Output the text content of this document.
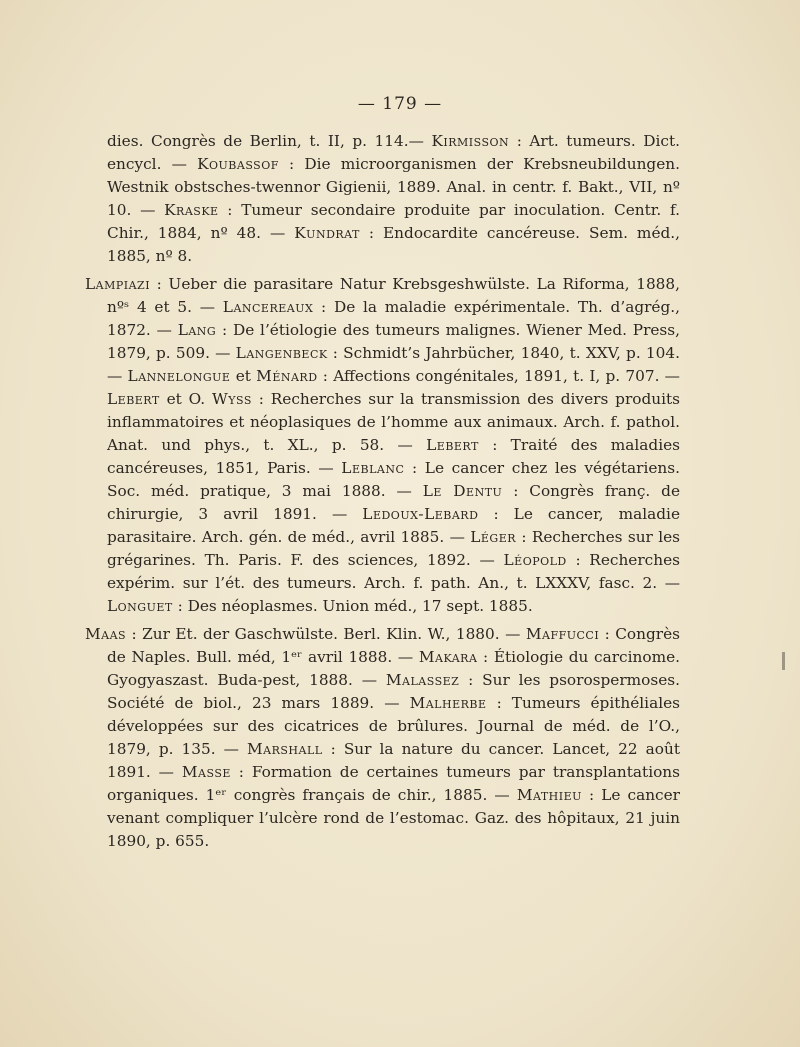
— 179 —

dies. Congrès de Berlin, t. II, p. 114.— Kirmisson : Art. tumeurs. Dict. encycl. — Koubassof : Die microorganismen der Krebsneubildungen. Westnik obstsches-twennor Gigienii, 1889. Anal. in centr. f. Bakt., VII, nº 10. — Kraske : Tumeur secondaire produite par inoculation. Centr. f. Chir., 1884, nº 48. — Kundrat : Endocardite cancéreuse. Sem. méd., 1885, nº 8.

Lampiazi : Ueber die parasitare Natur Krebsgeshwülste. La Riforma, 1888, nºˢ 4 et 5. — Lancereaux : De la maladie expérimentale. Th. d’agrég., 1872. — Lang : De l’étiologie des tumeurs malignes. Wiener Med. Press, 1879, p. 509. — Langenbeck : Schmidt’s Jahrbücher, 1840, t. XXV, p. 104. — Lannelongue et Ménard : Affections congénitales, 1891, t. I, p. 707. — Lebert et O. Wyss : Recherches sur la transmission des divers produits inflammatoires et néoplasiques de l’homme aux animaux. Arch. f. pathol. Anat. und phys., t. XL., p. 58. — Lebert : Traité des maladies cancéreuses, 1851, Paris. — Leblanc : Le cancer chez les végétariens. Soc. méd. pratique, 3 mai 1888. — Le Dentu : Congrès franç. de chirurgie, 3 avril 1891. — Ledoux-Lebard : Le cancer, maladie parasitaire. Arch. gén. de méd., avril 1885. — Léger : Recherches sur les grégarines. Th. Paris. F. des sciences, 1892. — Léopold : Recherches expérim. sur l’ét. des tumeurs. Arch. f. path. An., t. LXXXV, fasc. 2. — Longuet : Des néoplasmes. Union méd., 17 sept. 1885.

Maas : Zur Et. der Gaschwülste. Berl. Klin. W., 1880. — Maffucci : Congrès de Naples. Bull. méd, 1ᵉʳ avril 1888. — Makara : Étiologie du carcinome. Gyogyaszast. Buda-pest, 1888. — Malassez : Sur les psorospermoses. Société de biol., 23 mars 1889. — Malherbe : Tumeurs épithéliales développées sur des cicatrices de brûlures. Journal de méd. de l’O., 1879, p. 135. — Marshall : Sur la nature du cancer. Lancet, 22 août 1891. — Masse : Formation de certaines tumeurs par transplantations organiques. 1ᵉʳ congrès français de chir., 1885. — Mathieu : Le cancer venant compliquer l’ulcère rond de l’estomac. Gaz. des hôpitaux, 21 juin 1890, p. 655.
